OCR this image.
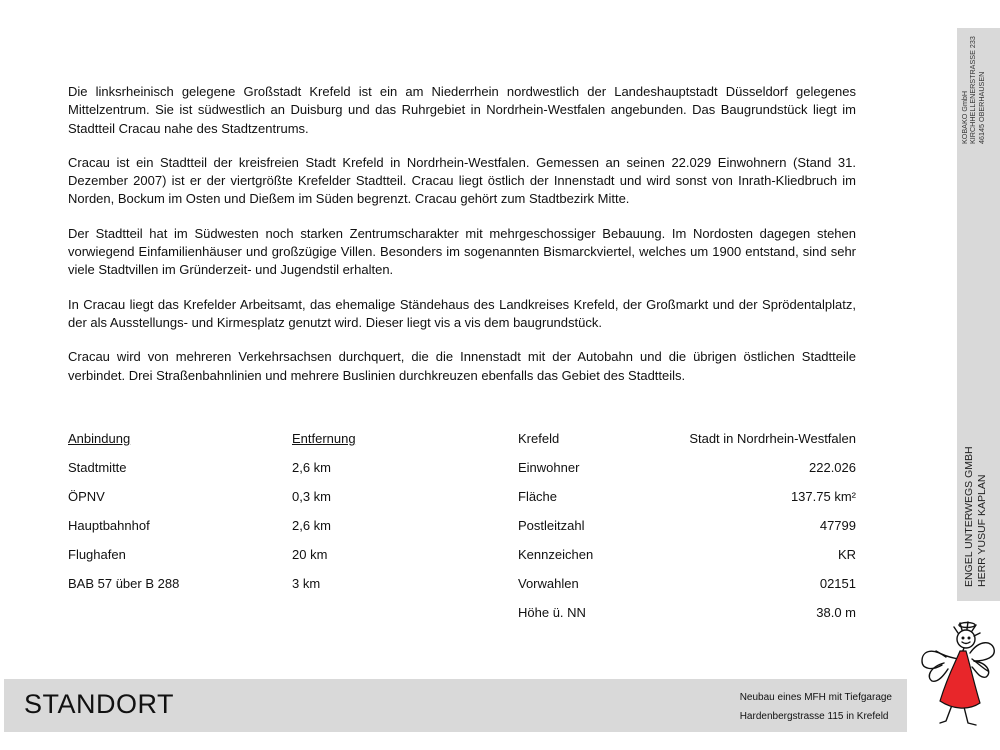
Die linksrheinisch gelegene Großstadt Krefeld ist ein am Niederrhein nordwestlich der Landeshauptstadt Düsseldorf gelegenes Mittelzentrum. Sie ist südwestlich an Duisburg und das Ruhrgebiet in Nordrhein-Westfalen angebunden. Das Baugrundstück liegt im Stadtteil Cracau nahe des Stadtzentrums.

Cracau ist ein Stadtteil der kreisfreien Stadt Krefeld in Nordrhein-Westfalen. Gemessen an seinen 22.029 Einwohnern (Stand 31. Dezember 2007) ist er der viertgrößte Krefelder Stadtteil. Cracau liegt östlich der Innenstadt und wird sonst von Inrath-Kliedbruch im Norden, Bockum im Osten und Dießem im Süden begrenzt. Cracau gehört zum Stadtbezirk Mitte.

Der Stadtteil hat im Südwesten noch starken Zentrumscharakter mit mehrgeschossiger Bebauung. Im Nordosten dagegen stehen vorwiegend Einfamilienhäuser und großzügige Villen. Besonders im sogenannten Bismarckviertel, welches um 1900 entstand, sind sehr viele Stadtvillen im Gründerzeit- und Jugendstil erhalten.

In Cracau liegt das Krefelder Arbeitsamt, das ehemalige Ständehaus des Landkreises Krefeld, der Großmarkt und der Sprödentalplatz, der als Ausstellungs- und Kirmesplatz genutzt wird. Dieser liegt vis a vis dem baugrundstück.

Cracau wird von mehreren Verkehrsachsen durchquert, die die Innenstadt mit der Autobahn und die übrigen östlichen Stadtteile verbindet. Drei Straßenbahnlinien und mehrere Buslinien durchkreuzen ebenfalls das Gebiet des Stadtteils.

Anbindung	Entfernung
Stadtmitte	2,6 km
ÖPNV	0,3 km
Hauptbahnhof	2,6 km
Flughafen	20 km
BAB 57 über B 288	3 km
Krefeld	Stadt in Nordrhein-Westfalen
Einwohner	222.026
Fläche	137.75 km²
Postleitzahl	47799
Kennzeichen	KR
Vorwahlen	02151
Höhe ü. NN	38.0 m
KOBAKO GmbH KIRCHHELLENERSTRASSE 233 46145 OBERHAUSEN
ENGEL UNTERWEGS GMBH HERR YUSUF KAPLAN
STANDORT	Neubau eines MFH mit Tiefgarage
Hardenbergstrasse 115 in Krefeld
